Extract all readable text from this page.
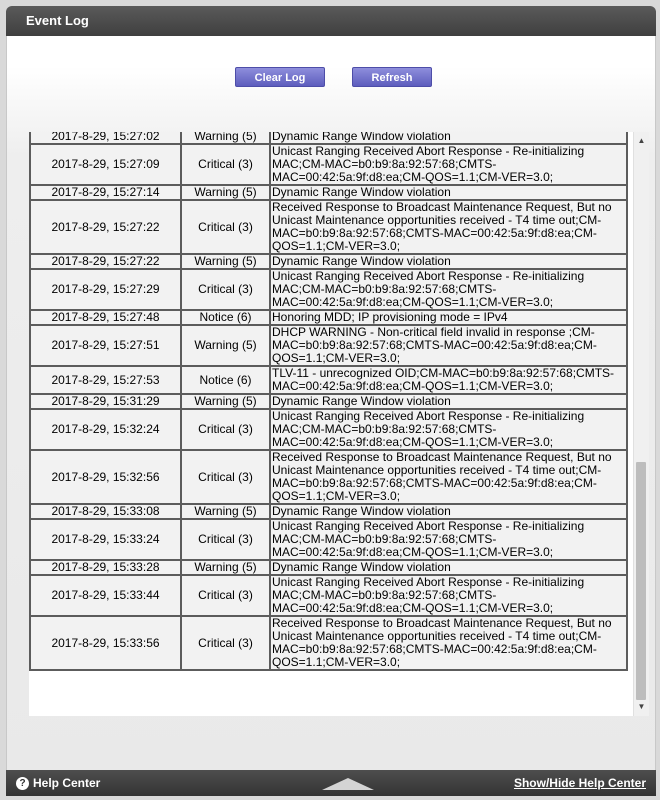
Event Log
Clear Log	Refresh
2017-8-29, 15:27:02	Warning (5)	Dynamic Range Window violation
2017-8-29, 15:27:09	Critical (3)	Unicast Ranging Received Abort Response - Re-initializing MAC;CM-MAC=b0:b9:8a:92:57:68;CMTS-MAC=00:42:5a:9f:d8:ea;CM-QOS=1.1;CM-VER=3.0;
2017-8-29, 15:27:14	Warning (5)	Dynamic Range Window violation
2017-8-29, 15:27:22	Critical (3)	Received Response to Broadcast Maintenance Request, But no Unicast Maintenance opportunities received - T4 time out;CM-MAC=b0:b9:8a:92:57:68;CMTS-MAC=00:42:5a:9f:d8:ea;CM-QOS=1.1;CM-VER=3.0;
2017-8-29, 15:27:22	Warning (5)	Dynamic Range Window violation
2017-8-29, 15:27:29	Critical (3)	Unicast Ranging Received Abort Response - Re-initializing MAC;CM-MAC=b0:b9:8a:92:57:68;CMTS-MAC=00:42:5a:9f:d8:ea;CM-QOS=1.1;CM-VER=3.0;
2017-8-29, 15:27:48	Notice (6)	Honoring MDD; IP provisioning mode = IPv4
2017-8-29, 15:27:51	Warning (5)	DHCP WARNING - Non-critical field invalid in response ;CM-MAC=b0:b9:8a:92:57:68;CMTS-MAC=00:42:5a:9f:d8:ea;CM-QOS=1.1;CM-VER=3.0;
2017-8-29, 15:27:53	Notice (6)	TLV-11 - unrecognized OID;CM-MAC=b0:b9:8a:92:57:68;CMTS-MAC=00:42:5a:9f:d8:ea;CM-QOS=1.1;CM-VER=3.0;
2017-8-29, 15:31:29	Warning (5)	Dynamic Range Window violation
2017-8-29, 15:32:24	Critical (3)	Unicast Ranging Received Abort Response - Re-initializing MAC;CM-MAC=b0:b9:8a:92:57:68;CMTS-MAC=00:42:5a:9f:d8:ea;CM-QOS=1.1;CM-VER=3.0;
2017-8-29, 15:32:56	Critical (3)	Received Response to Broadcast Maintenance Request, But no Unicast Maintenance opportunities received - T4 time out;CM-MAC=b0:b9:8a:92:57:68;CMTS-MAC=00:42:5a:9f:d8:ea;CM-QOS=1.1;CM-VER=3.0;
2017-8-29, 15:33:08	Warning (5)	Dynamic Range Window violation
2017-8-29, 15:33:24	Critical (3)	Unicast Ranging Received Abort Response - Re-initializing MAC;CM-MAC=b0:b9:8a:92:57:68;CMTS-MAC=00:42:5a:9f:d8:ea;CM-QOS=1.1;CM-VER=3.0;
2017-8-29, 15:33:28	Warning (5)	Dynamic Range Window violation
2017-8-29, 15:33:44	Critical (3)	Unicast Ranging Received Abort Response - Re-initializing MAC;CM-MAC=b0:b9:8a:92:57:68;CMTS-MAC=00:42:5a:9f:d8:ea;CM-QOS=1.1;CM-VER=3.0;
2017-8-29, 15:33:56	Critical (3)	Received Response to Broadcast Maintenance Request, But no Unicast Maintenance opportunities received - T4 time out;CM-MAC=b0:b9:8a:92:57:68;CMTS-MAC=00:42:5a:9f:d8:ea;CM-QOS=1.1;CM-VER=3.0;
▲
▼
? Help Center	Show/Hide Help Center
